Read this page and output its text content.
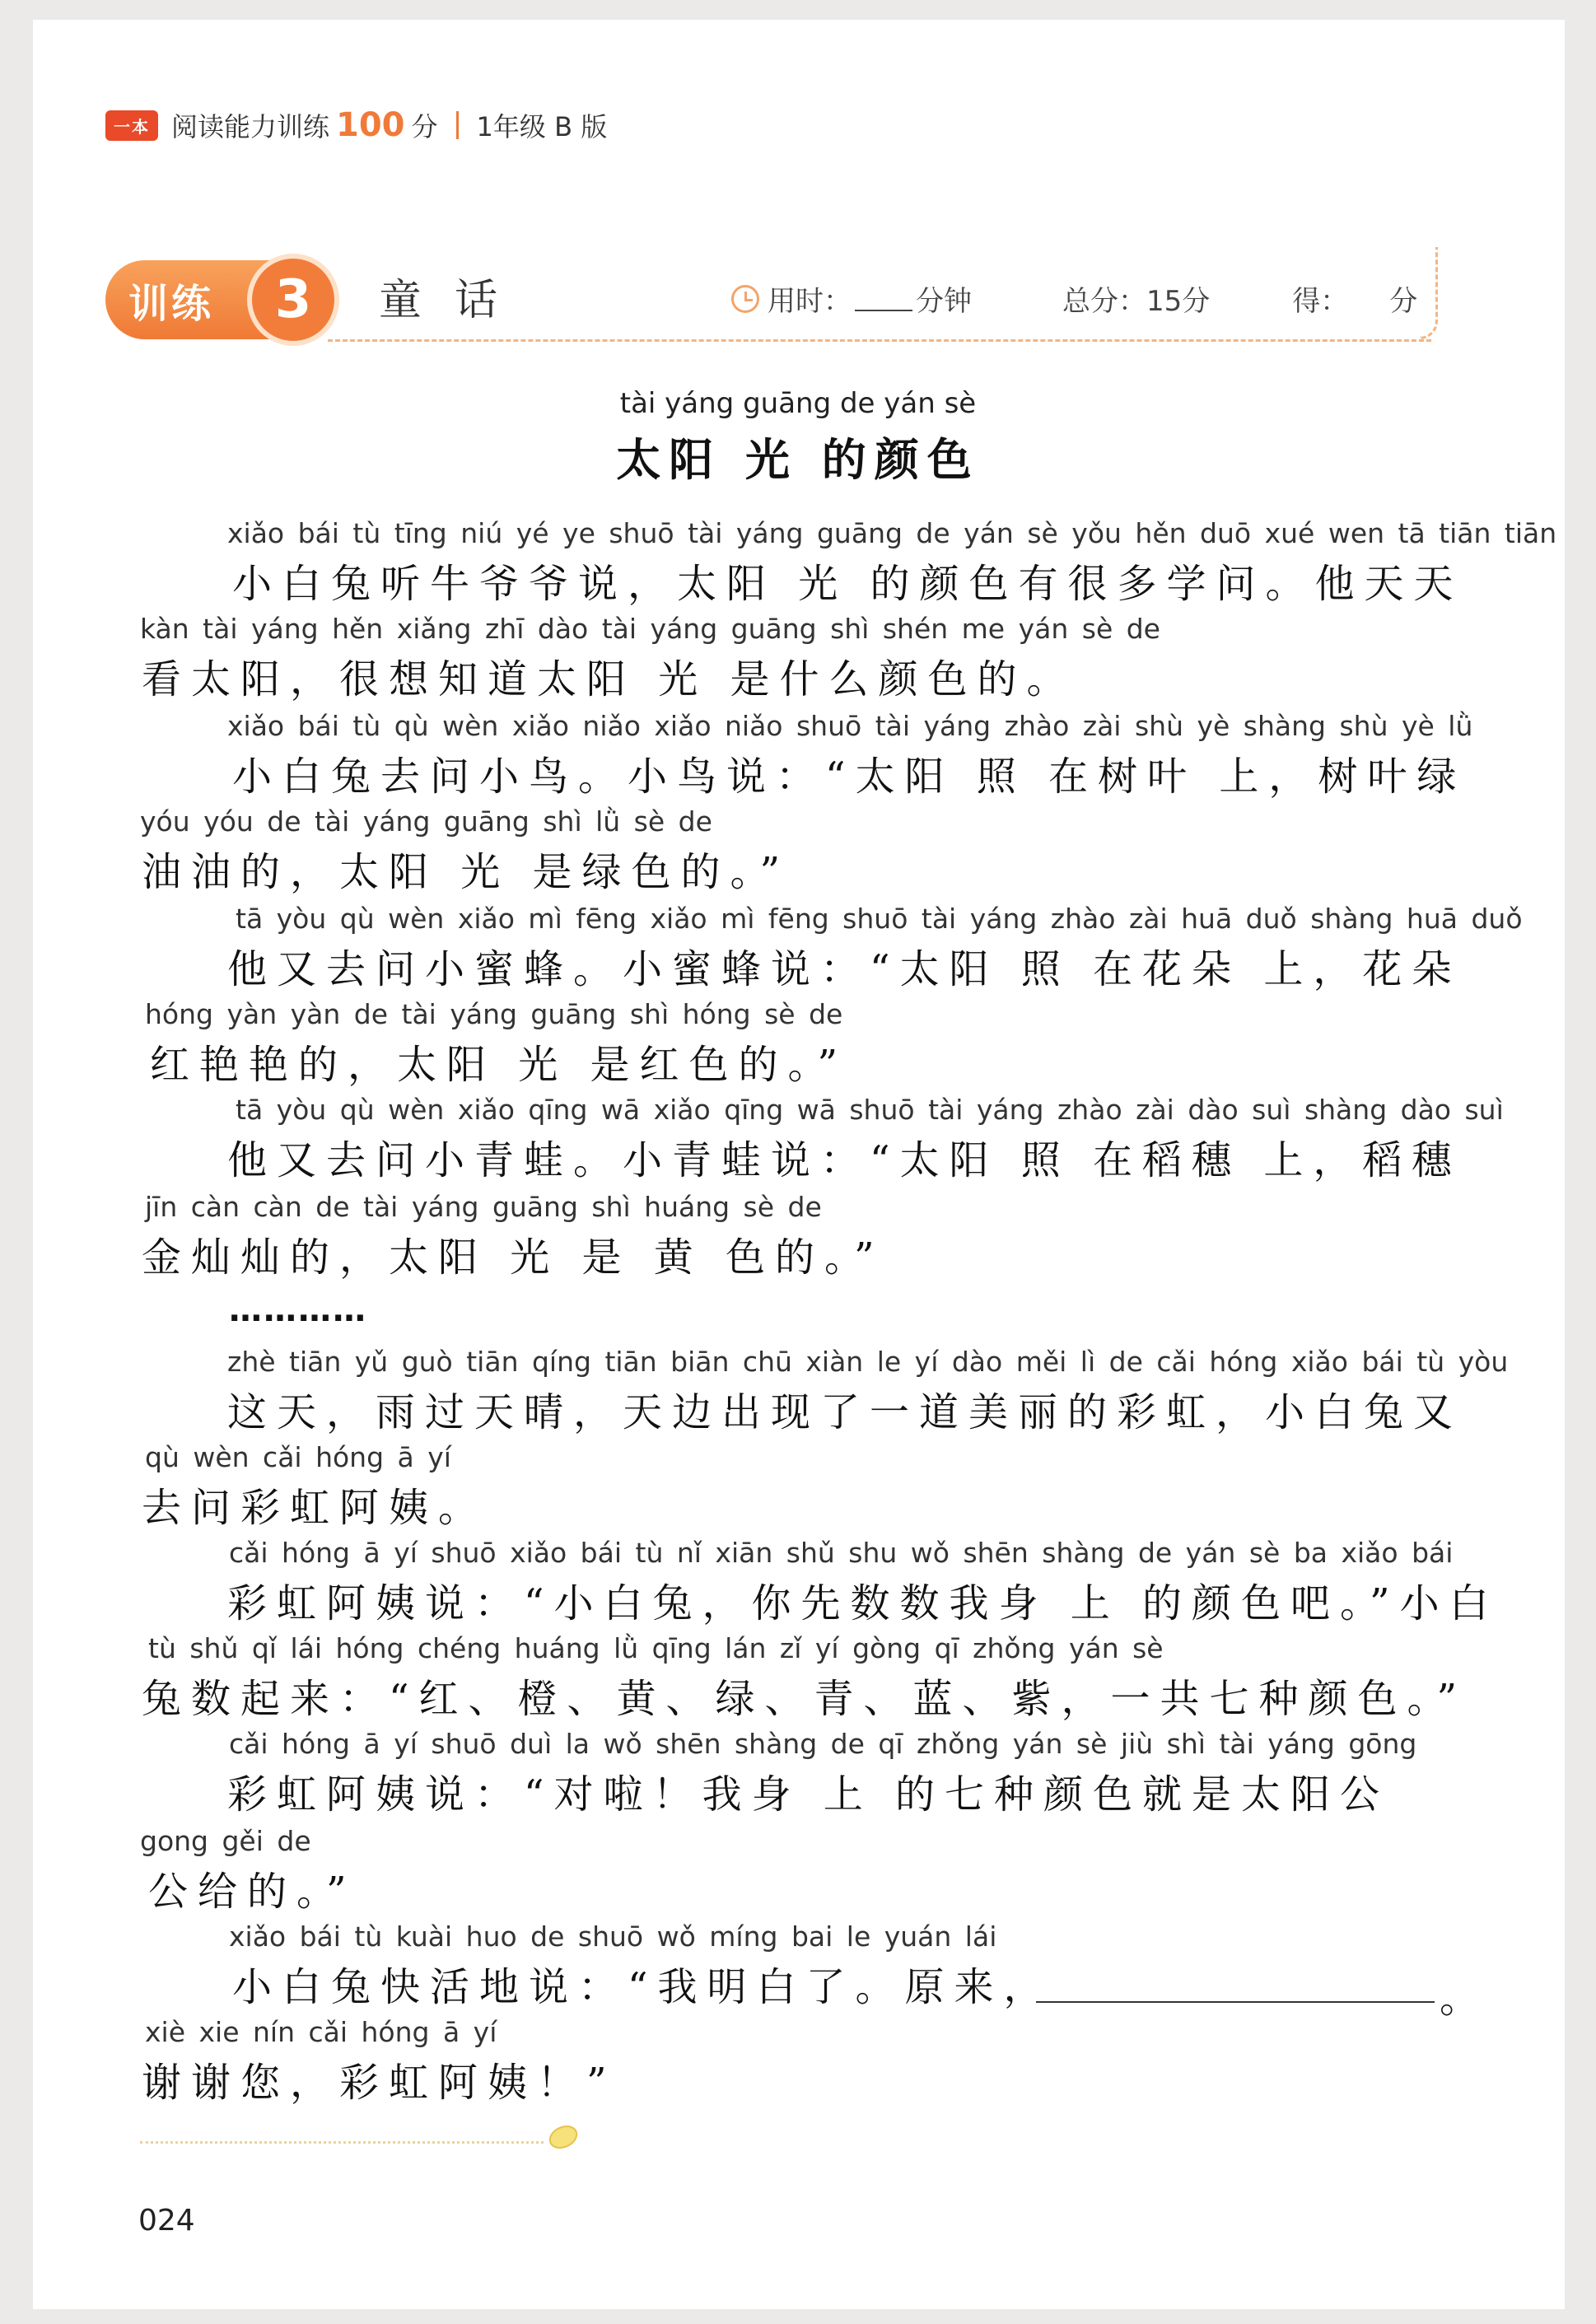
一本 阅读能力训练 100 分 1年级 B 版
训练	3	童话	用时： 分钟	总分：15分	得： 分
tài yáng guāng de yán sè
太阳 光 的颜色
xiǎo bái tù tīng niú yé ye shuō tài yáng guāng de yán sè yǒu hěn duō xué wen tā tiān tiān
小白兔听牛爷爷说，太阳 光 的颜色有很多学问。他天天
kàn tài yáng hěn xiǎng zhī dào tài yáng guāng shì shén me yán sè de
看太阳，很想知道太阳 光 是什么颜色的。
xiǎo bái tù qù wèn xiǎo niǎo xiǎo niǎo shuō tài yáng zhào zài shù yè shàng shù yè lǜ
小白兔去问小鸟。小鸟说：“太阳 照 在树叶 上，树叶绿
yóu yóu de tài yáng guāng shì lǜ sè de
油油的，太阳 光 是绿色的。”
tā yòu qù wèn xiǎo mì fēng xiǎo mì fēng shuō tài yáng zhào zài huā duǒ shàng huā duǒ
他又去问小蜜蜂。小蜜蜂说：“太阳 照 在花朵 上，花朵
hóng yàn yàn de tài yáng guāng shì hóng sè de
红艳艳的，太阳 光 是红色的。”
tā yòu qù wèn xiǎo qīng wā xiǎo qīng wā shuō tài yáng zhào zài dào suì shàng dào suì
他又去问小青蛙。小青蛙说：“太阳 照 在稻穗 上，稻穗
jīn càn càn de tài yáng guāng shì huáng sè de
金灿灿的，太阳 光 是 黄 色的。”
…………
zhè tiān yǔ guò tiān qíng tiān biān chū xiàn le yí dào měi lì de cǎi hóng xiǎo bái tù yòu
这天，雨过天晴，天边出现了一道美丽的彩虹，小白兔又
qù wèn cǎi hóng ā yí
去问彩虹阿姨。
cǎi hóng ā yí shuō xiǎo bái tù nǐ xiān shǔ shu wǒ shēn shàng de yán sè ba xiǎo bái
彩虹阿姨说：“小白兔，你先数数我身 上 的颜色吧。”小白
tù shǔ qǐ lái hóng chéng huáng lǜ qīng lán zǐ yí gòng qī zhǒng yán sè
兔数起来：“红、橙、黄、绿、青、蓝、紫，一共七种颜色。”
cǎi hóng ā yí shuō duì la wǒ shēn shàng de qī zhǒng yán sè jiù shì tài yáng gōng
彩虹阿姨说：“对啦！我身 上 的七种颜色就是太阳公
gong gěi de
公给的。”
xiǎo bái tù kuài huo de shuō wǒ míng bai le yuán lái
小白兔快活地说：“我明白了。原来，	。
xiè xie nín cǎi hóng ā yí
谢谢您，彩虹阿姨！”
024
